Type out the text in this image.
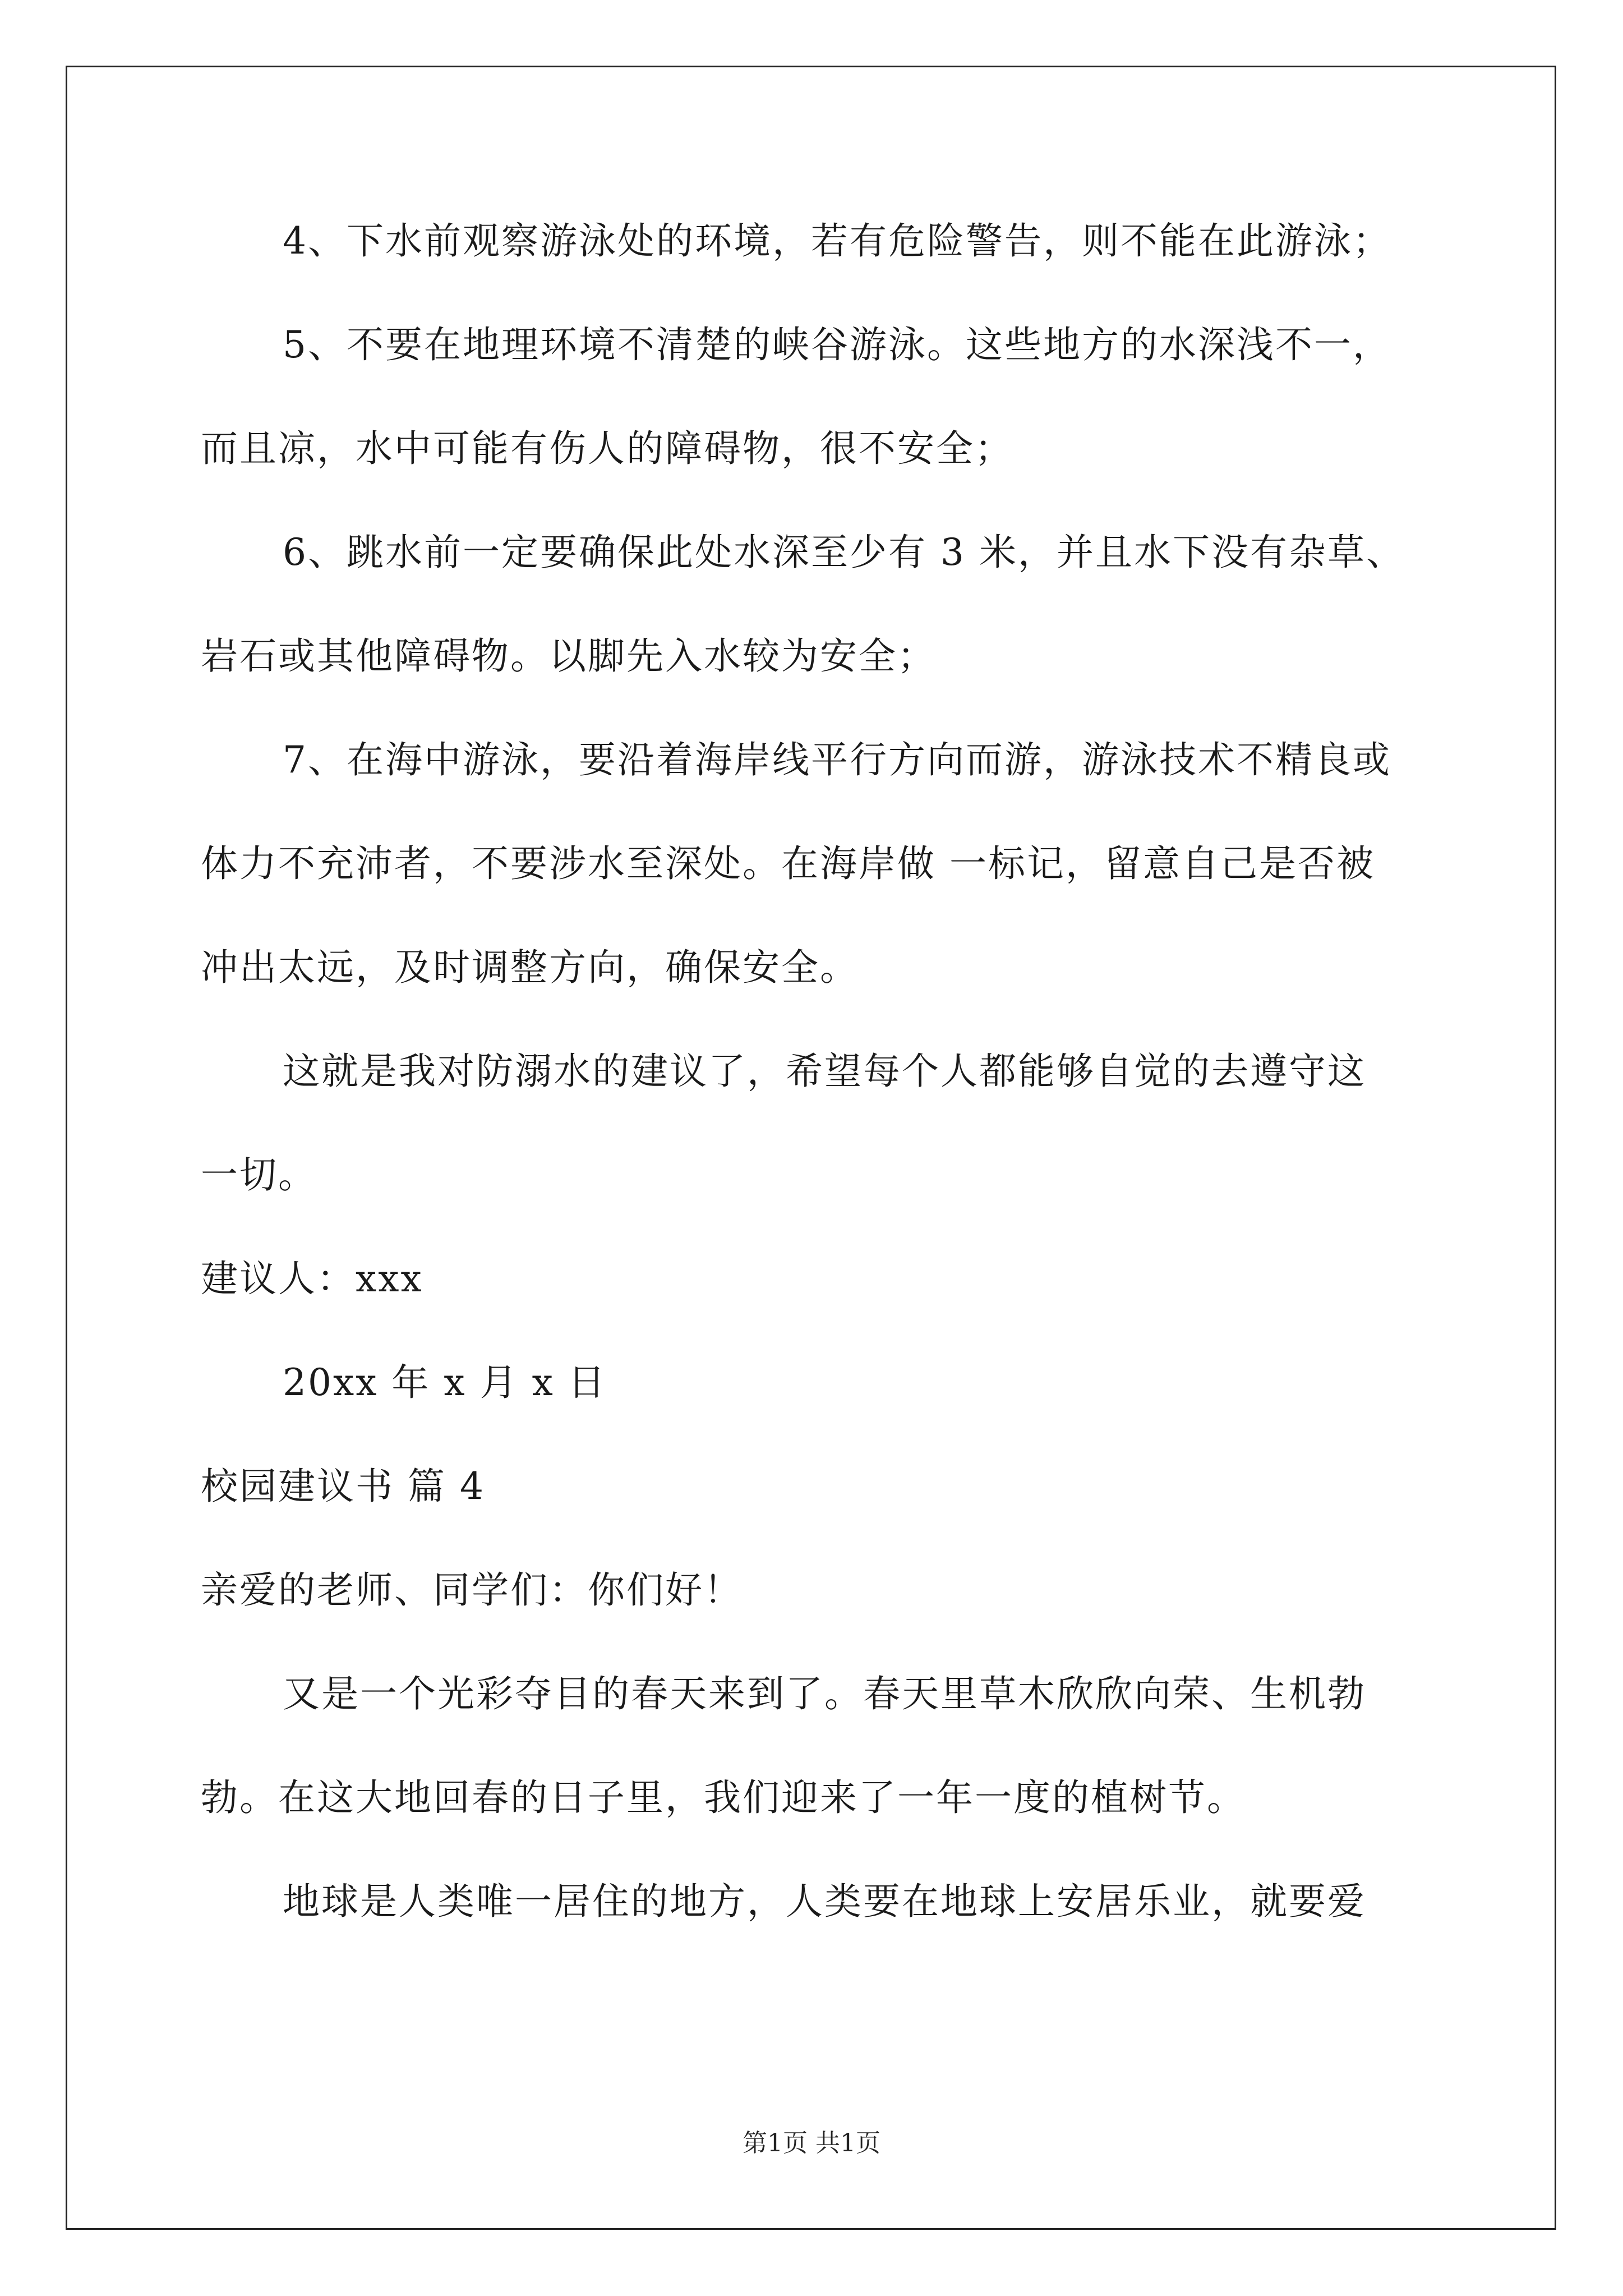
4、下水前观察游泳处的环境，若有危险警告，则不能在此游泳；
5、不要在地理环境不清楚的峡谷游泳。这些地方的水深浅不一，
而且凉，水中可能有伤人的障碍物，很不安全；
6、跳水前一定要确保此处水深至少有 3 米，并且水下没有杂草、
岩石或其他障碍物。以脚先入水较为安全；
7、在海中游泳，要沿着海岸线平行方向而游，游泳技术不精良或
体力不充沛者，不要涉水至深处。在海岸做 一标记，留意自己是否被
冲出太远，及时调整方向，确保安全。
这就是我对防溺水的建议了，希望每个人都能够自觉的去遵守这
一切。
建议人：xxx
20xx 年 x 月 x 日
校园建议书 篇 4
亲爱的老师、同学们：你们好！
又是一个光彩夺目的春天来到了。春天里草木欣欣向荣、生机勃
勃。在这大地回春的日子里，我们迎来了一年一度的植树节。
地球是人类唯一居住的地方，人类要在地球上安居乐业，就要爱
第1页 共1页
